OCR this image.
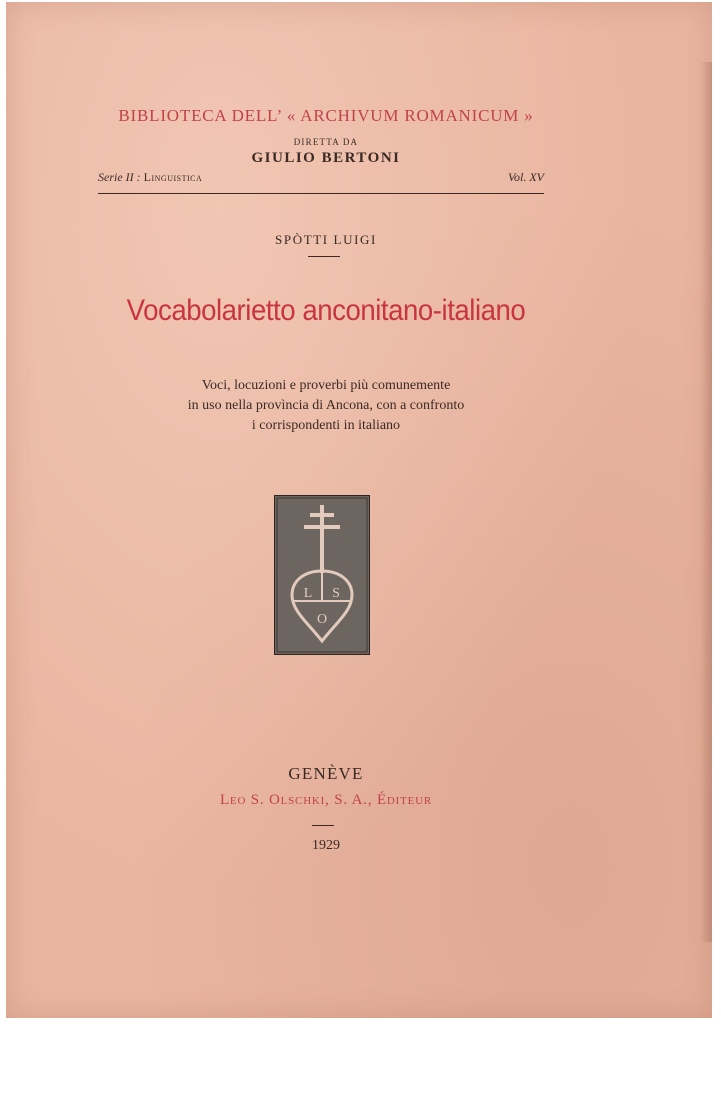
BIBLIOTECA DELL’ « ARCHIVUM ROMANICUM »
DIRETTA DA
GIULIO BERTONI
Serie II : Linguistica	Vol. XV
SPÒTTI LUIGI
Vocabolarietto anconitano-italiano
Voci, locuzioni e proverbi più comunemente
in uso nella provìncia di Ancona, con a confronto
i corrispondenti in italiano
L S
O
GENÈVE
Leo S. Olschki, S. A., Éditeur
1929
KLONDYKE.NL
